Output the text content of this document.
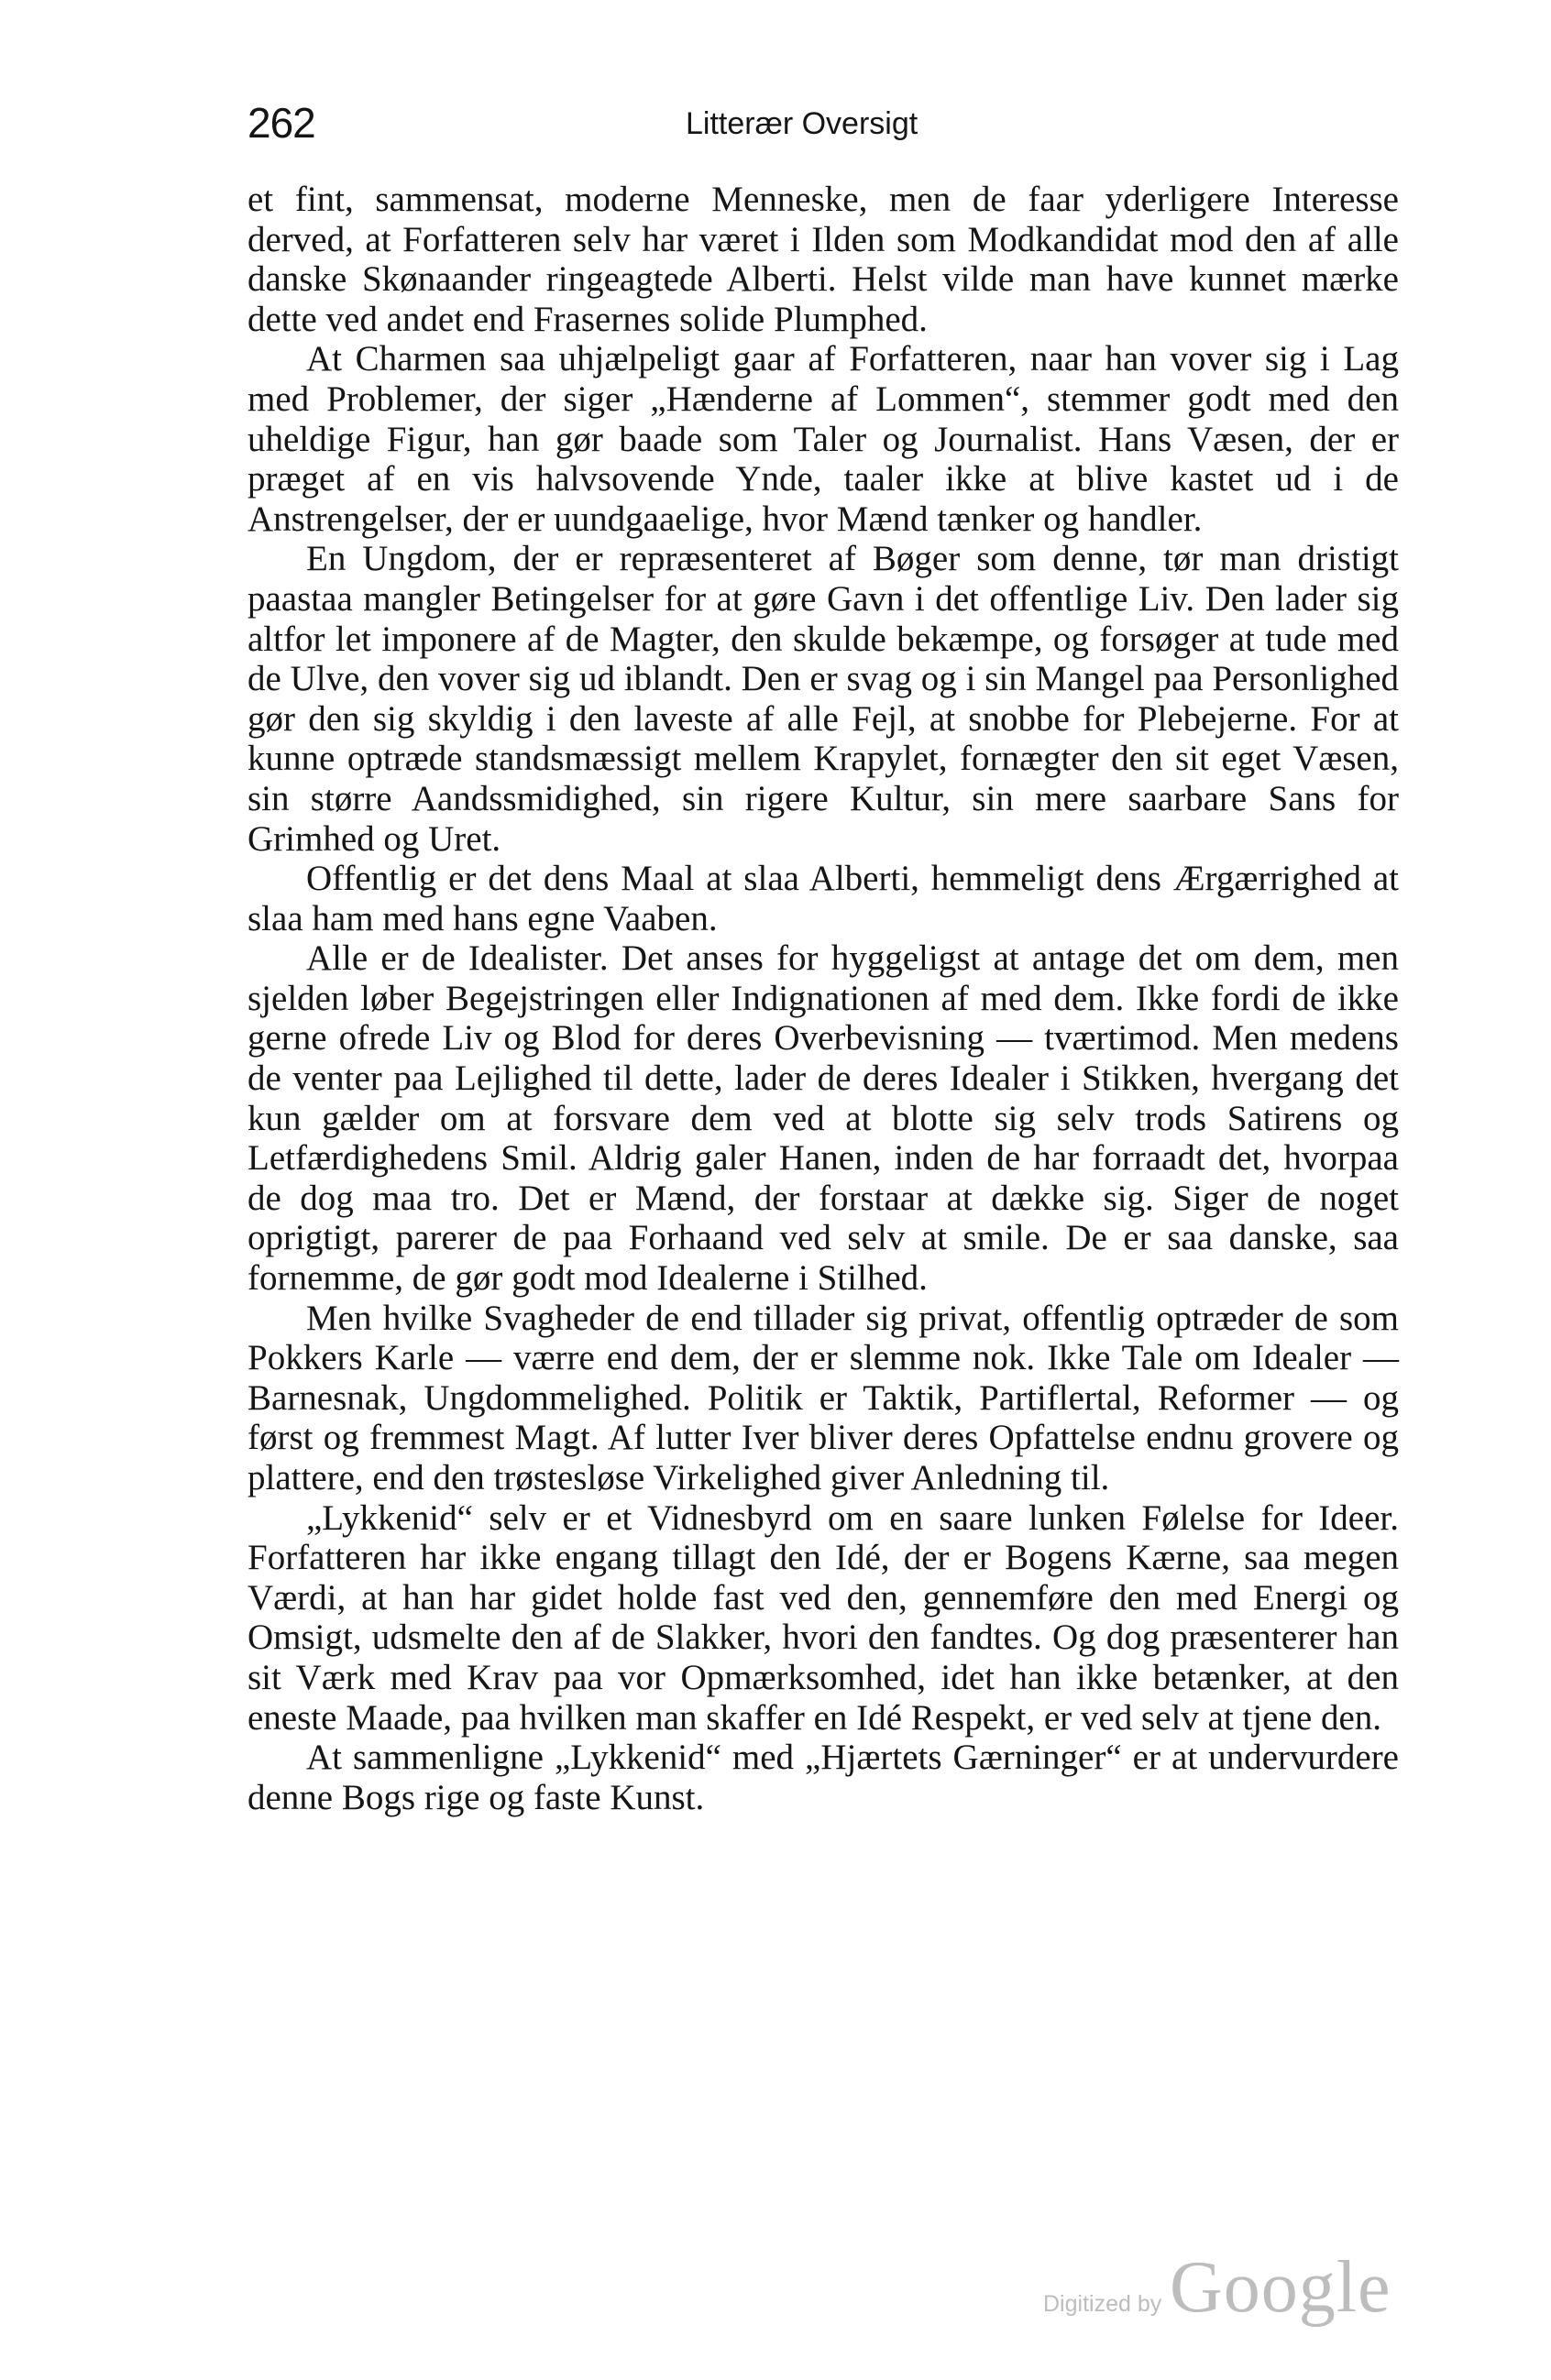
262	Litterær Oversigt

et fint, sammensat, moderne Menneske, men de faar yderligere Interesse derved, at Forfatteren selv har været i Ilden som Modkandidat mod den af alle danske Skønaander ringeagtede Alberti. Helst vilde man have kunnet mærke dette ved andet end Frasernes solide Plumphed.

At Charmen saa uhjælpeligt gaar af Forfatteren, naar han vover sig i Lag med Problemer, der siger „Hænderne af Lommen“, stemmer godt med den uheldige Figur, han gør baade som Taler og Journalist. Hans Væsen, der er præget af en vis halvsovende Ynde, taaler ikke at blive kastet ud i de Anstrengelser, der er uundgaaelige, hvor Mænd tænker og handler.

En Ungdom, der er repræsenteret af Bøger som denne, tør man dristigt paastaa mangler Betingelser for at gøre Gavn i det offentlige Liv. Den lader sig altfor let imponere af de Magter, den skulde bekæmpe, og forsøger at tude med de Ulve, den vover sig ud iblandt. Den er svag og i sin Mangel paa Personlighed gør den sig skyldig i den laveste af alle Fejl, at snobbe for Plebejerne. For at kunne optræde standsmæssigt mellem Krapylet, fornægter den sit eget Væsen, sin større Aandssmidighed, sin rigere Kultur, sin mere saarbare Sans for Grimhed og Uret.

Offentlig er det dens Maal at slaa Alberti, hemmeligt dens Ærgærrighed at slaa ham med hans egne Vaaben.

Alle er de Idealister. Det anses for hyggeligst at antage det om dem, men sjelden løber Begejstringen eller Indignationen af med dem. Ikke fordi de ikke gerne ofrede Liv og Blod for deres Overbevisning — tværtimod. Men medens de venter paa Lejlighed til dette, lader de deres Idealer i Stikken, hvergang det kun gælder om at forsvare dem ved at blotte sig selv trods Satirens og Letfærdighedens Smil. Aldrig galer Hanen, inden de har forraadt det, hvorpaa de dog maa tro. Det er Mænd, der forstaar at dække sig. Siger de noget oprigtigt, parerer de paa Forhaand ved selv at smile. De er saa danske, saa fornemme, de gør godt mod Idealerne i Stilhed.

Men hvilke Svagheder de end tillader sig privat, offentlig optræder de som Pokkers Karle — værre end dem, der er slemme nok. Ikke Tale om Idealer — Barnesnak, Ungdommelighed. Politik er Taktik, Partiflertal, Reformer — og først og fremmest Magt. Af lutter Iver bliver deres Opfattelse endnu grovere og plattere, end den trøstesløse Virkelighed giver Anledning til.

„Lykkenid“ selv er et Vidnesbyrd om en saare lunken Følelse for Ideer. Forfatteren har ikke engang tillagt den Idé, der er Bogens Kærne, saa megen Værdi, at han har gidet holde fast ved den, gennemføre den med Energi og Omsigt, udsmelte den af de Slakker, hvori den fandtes. Og dog præsenterer han sit Værk med Krav paa vor Opmærksomhed, idet han ikke betænker, at den eneste Maade, paa hvilken man skaffer en Idé Respekt, er ved selv at tjene den.

At sammenligne „Lykkenid“ med „Hjærtets Gærninger“ er at undervurdere denne Bogs rige og faste Kunst.

Digitized by Google
